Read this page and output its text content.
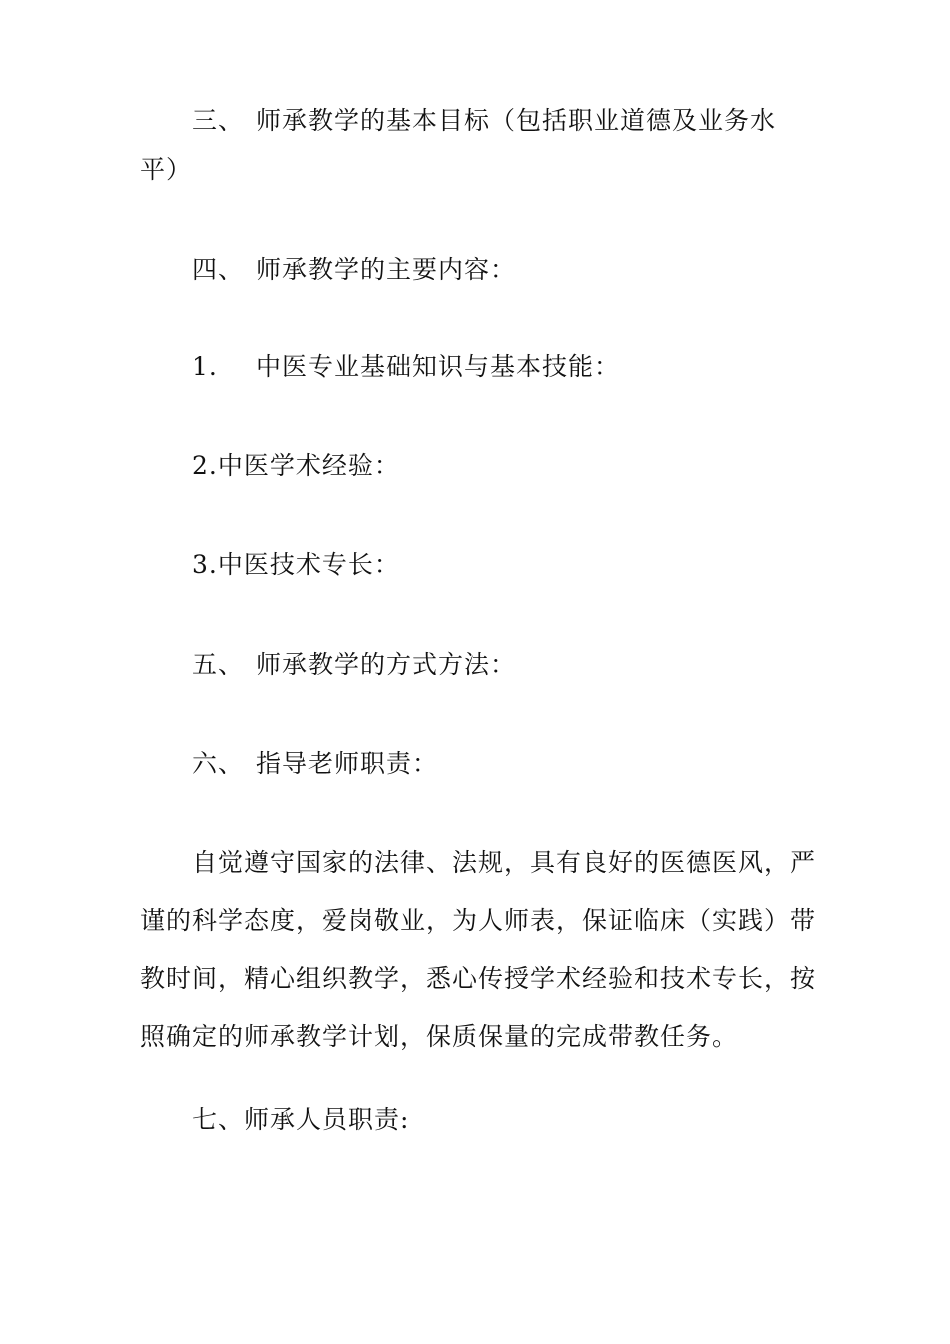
三、 师承教学的基本目标（包括职业道德及业务水
平）
四、 师承教学的主要内容：
1. 中医专业基础知识与基本技能：
2.中医学术经验：
3.中医技术专长：
五、 师承教学的方式方法：
六、 指导老师职责：
自觉遵守国家的法律、法规，具有良好的医德医风，严谨的科学态度，爱岗敬业，为人师表，保证临床（实践）带教时间，精心组织教学，悉心传授学术经验和技术专长，按照确定的师承教学计划，保质保量的完成带教任务。
七、师承人员职责:
